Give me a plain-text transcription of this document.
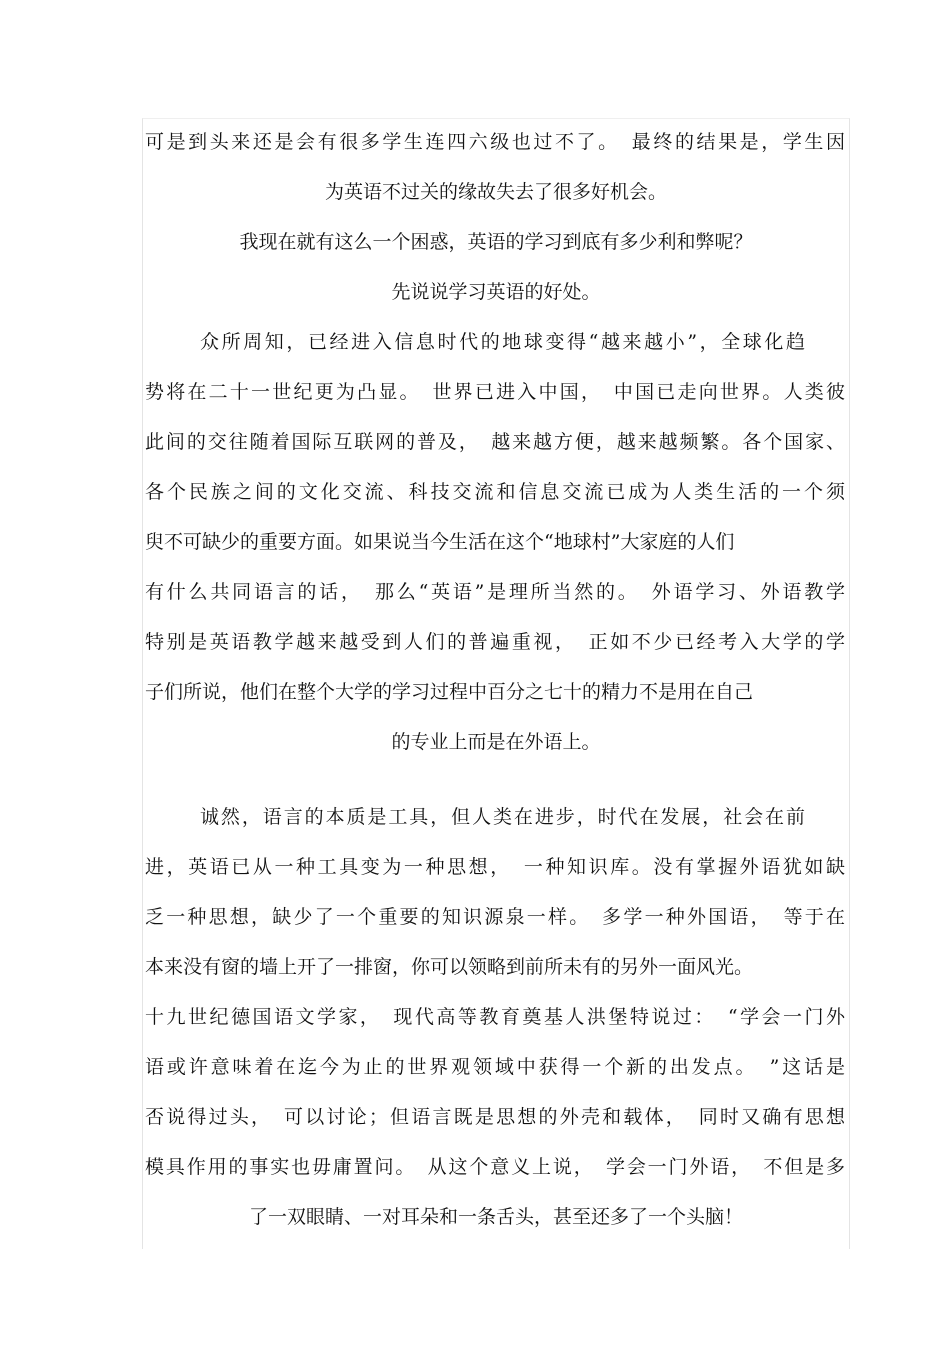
可是到头来还是会有很多学生连四六级也过不了。　最终的结果是，学生因
为英语不过关的缘故失去了很多好机会。
我现在就有这么一个困惑，英语的学习到底有多少利和弊呢？
先说说学习英语的好处。
众所周知，已经进入信息时代的地球变得“越来越小”，全球化趋
势将在二十一世纪更为凸显。　世界已进入中国，　中国已走向世界。人类彼
此间的交往随着国际互联网的普及，　越来越方便，越来越频繁。各个国家、
各个民族之间的文化交流、科技交流和信息交流已成为人类生活的一个须
臾不可缺少的重要方面。如果说当今生活在这个“地球村”大家庭的人们
有什么共同语言的话，　那么“英语”是理所当然的。　外语学习、外语教学
特别是英语教学越来越受到人们的普遍重视，　正如不少已经考入大学的学
子们所说，他们在整个大学的学习过程中百分之七十的精力不是用在自己
的专业上而是在外语上。
诚然，语言的本质是工具，但人类在进步，时代在发展，社会在前
进，英语已从一种工具变为一种思想，　一种知识库。没有掌握外语犹如缺
乏一种思想，缺少了一个重要的知识源泉一样。　多学一种外国语，　等于在
本来没有窗的墙上开了一排窗，你可以领略到前所未有的另外一面风光。
十九世纪德国语文学家，　现代高等教育奠基人洪堡特说过：　“学会一门外
语或许意味着在迄今为止的世界观领域中获得一个新的出发点。　”这话是
否说得过头，　可以讨论；但语言既是思想的外壳和载体，　同时又确有思想
模具作用的事实也毋庸置问。　从这个意义上说，　学会一门外语，　不但是多
了一双眼睛、一对耳朵和一条舌头，甚至还多了一个头脑！
